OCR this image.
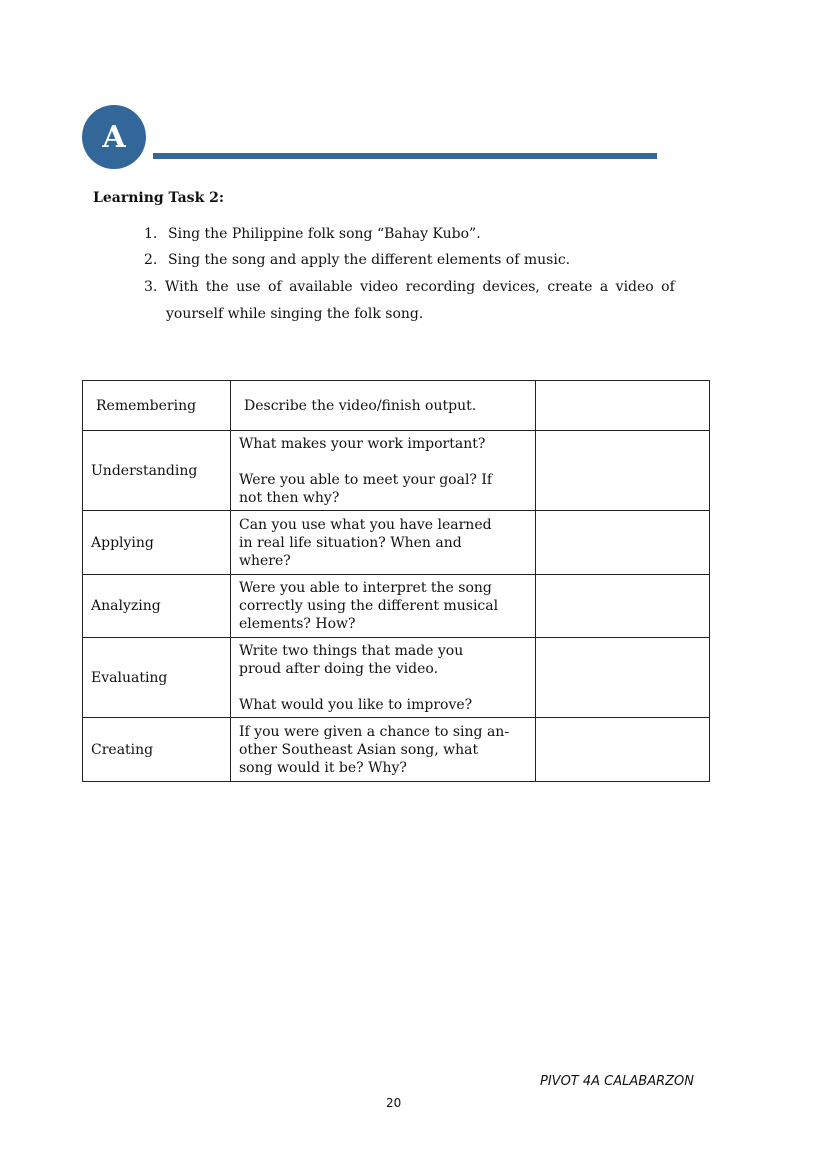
A
Learning Task 2:
1. Sing the Philippine folk song “Bahay Kubo”.
2. Sing the song and apply the different elements of music.
3. With the use of available video recording devices, create a video of
yourself while singing the folk song.
Remembering	Describe the video/finish output.	
Understanding	What makes your work important?

Were you able to meet your goal? If
not then why?	
Applying	Can you use what you have learned
in real life situation? When and
where?	
Analyzing	Were you able to interpret the song
correctly using the different musical
elements? How?	
Evaluating	Write two things that made you
proud after doing the video.

What would you like to improve?	
Creating	If you were given a chance to sing an-
other Southeast Asian song, what
song would it be? Why?	
PIVOT 4A CALABARZON
20
